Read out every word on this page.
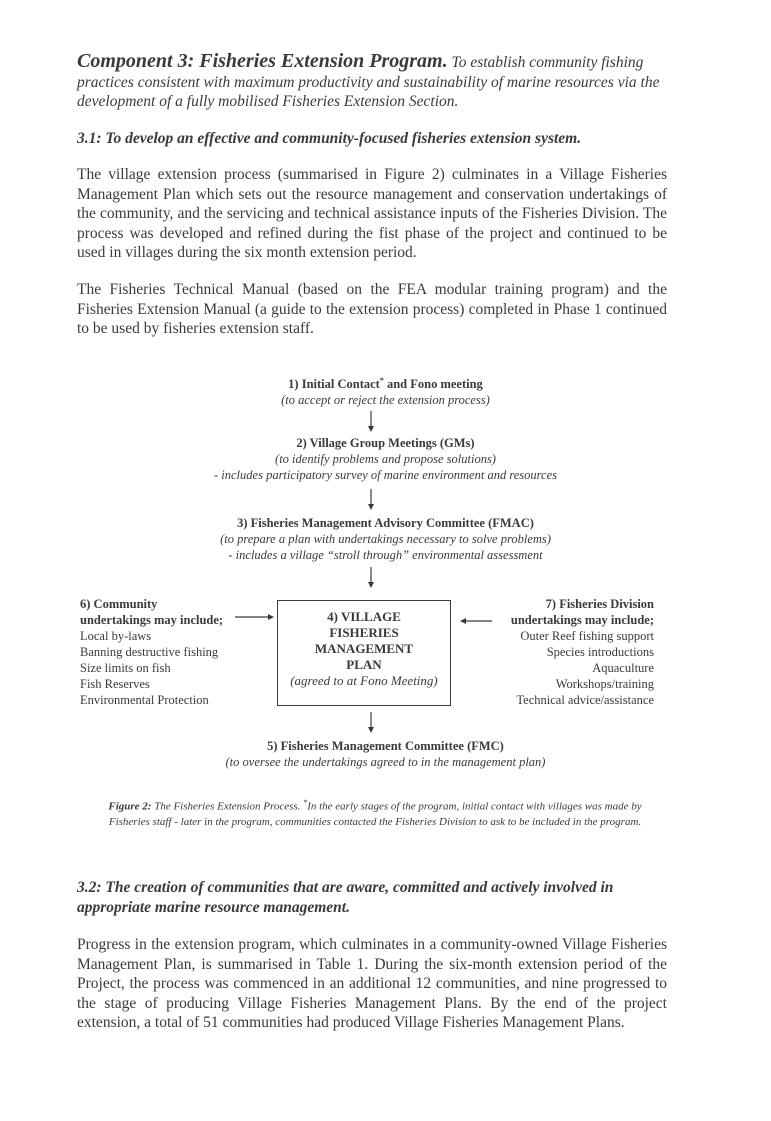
Component 3: Fisheries Extension Program. To establish community fishing practices consistent with maximum productivity and sustainability of marine resources via the development of a fully mobilised Fisheries Extension Section.
3.1: To develop an effective and community-focused fisheries extension system.
The village extension process (summarised in Figure 2) culminates in a Village Fisheries Management Plan which sets out the resource management and conservation undertakings of the community, and the servicing and technical assistance inputs of the Fisheries Division. The process was developed and refined during the fist phase of the project and continued to be used in villages during the six month extension period.
The Fisheries Technical Manual (based on the FEA modular training program) and the Fisheries Extension Manual (a guide to the extension process) completed in Phase 1 continued to be used by fisheries extension staff.
1) Initial Contact* and Fono meeting
(to accept or reject the extension process)
2) Village Group Meetings (GMs)
(to identify problems and propose solutions)
- includes participatory survey of marine environment and resources
3) Fisheries Management Advisory Committee (FMAC)
(to prepare a plan with undertakings necessary to solve problems)
- includes a village “stroll through” environmental assessment
6) Community
undertakings may include;
Local by-laws
Banning destructive fishing
Size limits on fish
Fish Reserves
Environmental Protection
4) VILLAGE
FISHERIES
MANAGEMENT
PLAN
(agreed to at Fono Meeting)
7) Fisheries Division
undertakings may include;
Outer Reef fishing support
Species introductions
Aquaculture
Workshops/training
Technical advice/assistance
5) Fisheries Management Committee (FMC)
(to oversee the undertakings agreed to in the management plan)
Figure 2: The Fisheries Extension Process. *In the early stages of the program, initial contact with villages was made by Fisheries staff - later in the program, communities contacted the Fisheries Division to ask to be included in the program.
3.2: The creation of communities that are aware, committed and actively involved in appropriate marine resource management.
Progress in the extension program, which culminates in a community-owned Village Fisheries Management Plan, is summarised in Table 1. During the six-month extension period of the Project, the process was commenced in an additional 12 communities, and nine progressed to the stage of producing Village Fisheries Management Plans. By the end of the project extension, a total of 51 communities had produced Village Fisheries Management Plans.
